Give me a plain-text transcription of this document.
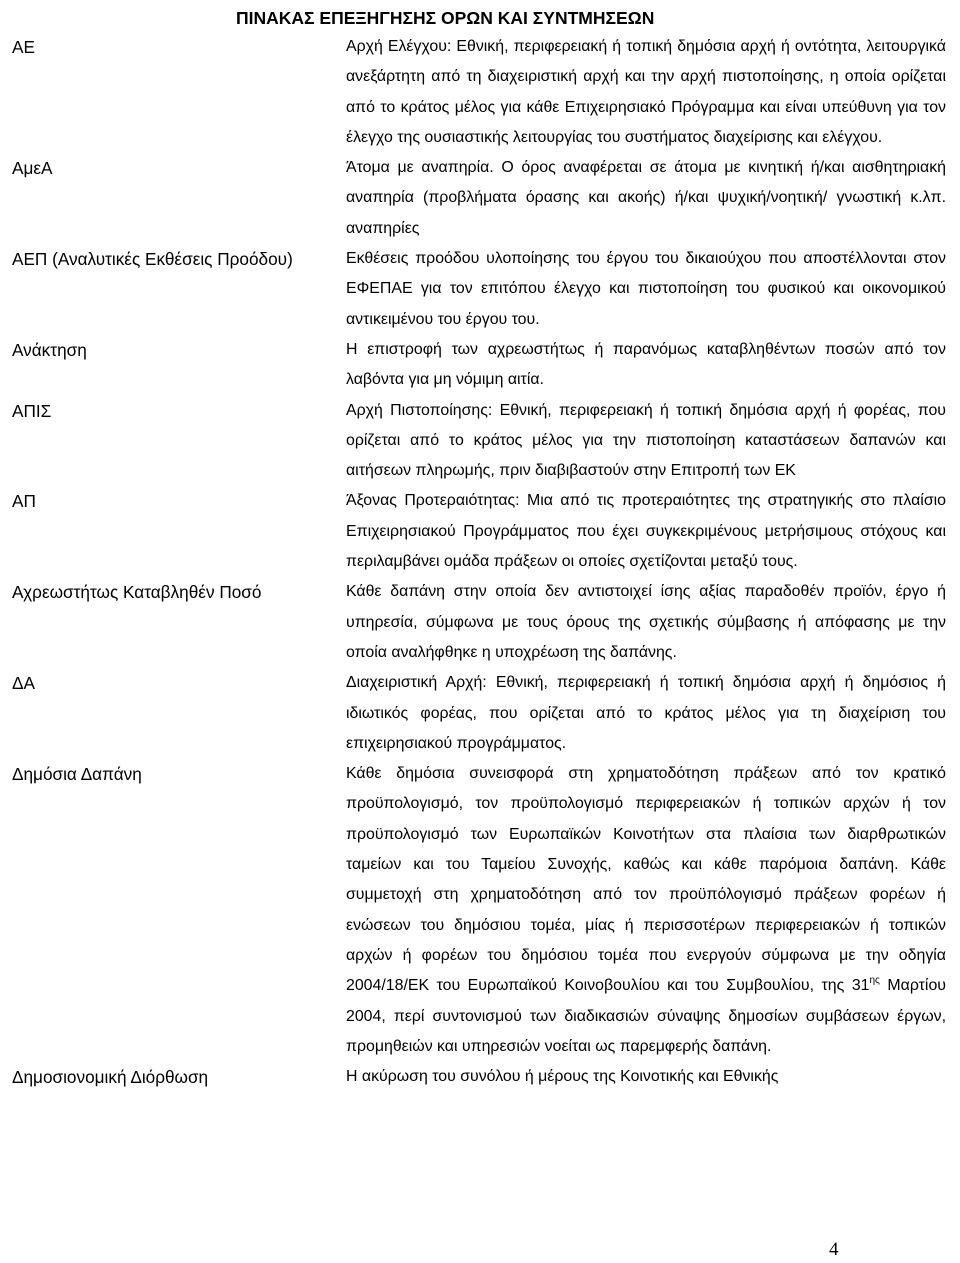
ΠΙΝΑΚΑΣ ΕΠΕΞΗΓΗΣΗΣ ΟΡΩΝ ΚΑΙ ΣΥΝΤΜΗΣΕΩΝ
ΑΕ	Αρχή Ελέγχου: Εθνική, περιφερειακή ή τοπική δημόσια αρχή ή οντότητα, λειτουργικά ανεξάρτητη από τη διαχειριστική αρχή και την αρχή πιστοποίησης, η οποία ορίζεται από το κράτος μέλος για κάθε Επιχειρησιακό Πρόγραμμα και είναι υπεύθυνη για τον έλεγχο της ουσιαστικής λειτουργίας του συστήματος διαχείρισης και ελέγχου.
ΑμεΑ	Άτομα με αναπηρία. Ο όρος αναφέρεται σε άτομα με κινητική ή/και αισθητηριακή αναπηρία (προβλήματα όρασης και ακοής) ή/και ψυχική/νοητική/ γνωστική κ.λπ. αναπηρίες
ΑΕΠ (Αναλυτικές Εκθέσεις Προόδου)	Εκθέσεις προόδου υλοποίησης του έργου του δικαιούχου που αποστέλλονται στον ΕΦΕΠΑΕ για τον επιτόπου έλεγχο και πιστοποίηση του φυσικού και οικονομικού αντικειμένου του έργου του.
Ανάκτηση	Η επιστροφή των αχρεωστήτως ή παρανόμως καταβληθέντων ποσών από τον λαβόντα για μη νόμιμη αιτία.
ΑΠΙΣ	Αρχή Πιστοποίησης: Εθνική, περιφερειακή ή τοπική δημόσια αρχή ή φορέας, που ορίζεται από το κράτος μέλος για την πιστοποίηση καταστάσεων δαπανών και αιτήσεων πληρωμής, πριν διαβιβαστούν στην Επιτροπή των ΕΚ
ΑΠ	Άξονας Προτεραιότητας: Μια από τις προτεραιότητες της στρατηγικής στο πλαίσιο Επιχειρησιακού Προγράμματος που έχει συγκεκριμένους μετρήσιμους στόχους και περιλαμβάνει ομάδα πράξεων οι οποίες σχετίζονται μεταξύ τους.
Αχρεωστήτως Καταβληθέν Ποσό	Κάθε δαπάνη στην οποία δεν αντιστοιχεί ίσης αξίας παραδοθέν προϊόν, έργο ή υπηρεσία, σύμφωνα με τους όρους της σχετικής σύμβασης ή απόφασης με την οποία αναλήφθηκε η υποχρέωση της δαπάνης.
ΔΑ	Διαχειριστική Αρχή: Εθνική, περιφερειακή ή τοπική δημόσια αρχή ή δημόσιος ή ιδιωτικός φορέας, που ορίζεται από το κράτος μέλος για τη διαχείριση του επιχειρησιακού προγράμματος.
Δημόσια Δαπάνη	Κάθε δημόσια συνεισφορά στη χρηματοδότηση πράξεων από τον κρατικό προϋπολογισμό, τον προϋπολογισμό περιφερειακών ή τοπικών αρχών ή τον προϋπολογισμό των Ευρωπαϊκών Κοινοτήτων στα πλαίσια των διαρθρωτικών ταμείων και του Ταμείου Συνοχής, καθώς και κάθε παρόμοια δαπάνη. Κάθε συμμετοχή στη χρηματοδότηση από τον προϋπόλογισμό πράξεων φορέων ή ενώσεων του δημόσιου τομέα, μίας ή περισσοτέρων περιφερειακών ή τοπικών αρχών ή φορέων του δημόσιου τομέα που ενεργούν σύμφωνα με την οδηγία 2004/18/ΕΚ του Ευρωπαϊκού Κοινοβουλίου και του Συμβουλίου, της $31^{\eta\varsigma}$ Μαρτίου 2004, περί συντονισμού των διαδικασιών σύναψης δημοσίων συμβάσεων έργων, προμηθειών και υπηρεσιών νοείται ως παρεμφερής δαπάνη.
Δημοσιονομική Διόρθωση	Η ακύρωση του συνόλου ή μέρους της Κοινοτικής και Εθνικής
4
